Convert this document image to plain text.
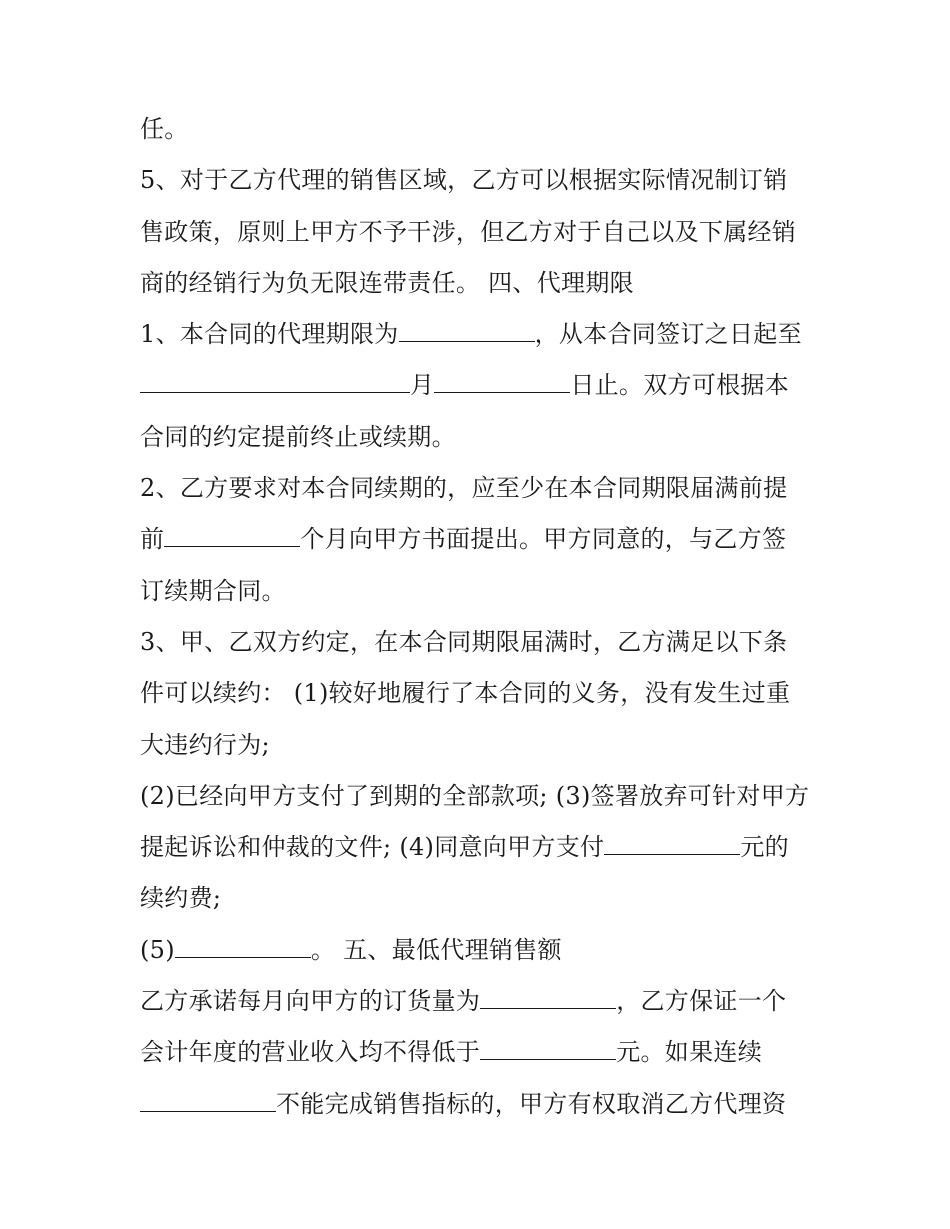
任。
5、对于乙方代理的销售区域，乙方可以根据实际情况制订销
售政策，原则上甲方不予干涉，但乙方对于自己以及下属经销
商的经销行为负无限连带责任。 四、代理期限
1、本合同的代理期限为	，从本合同签订之日起至
月	日止。双方可根据本
合同的约定提前终止或续期。
2、乙方要求对本合同续期的，应至少在本合同期限届满前提
前	个月向甲方书面提出。甲方同意的，与乙方签
订续期合同。
3、甲、乙双方约定，在本合同期限届满时，乙方满足以下条
件可以续约： (1)较好地履行了本合同的义务，没有发生过重
大违约行为;
(2)已经向甲方支付了到期的全部款项; (3)签署放弃可针对甲方
提起诉讼和仲裁的文件; (4)同意向甲方支付	元的
续约费;
(5)	。 五、最低代理销售额
乙方承诺每月向甲方的订货量为	，乙方保证一个
会计年度的营业收入均不得低于	元。如果连续
不能完成销售指标的，甲方有权取消乙方代理资
